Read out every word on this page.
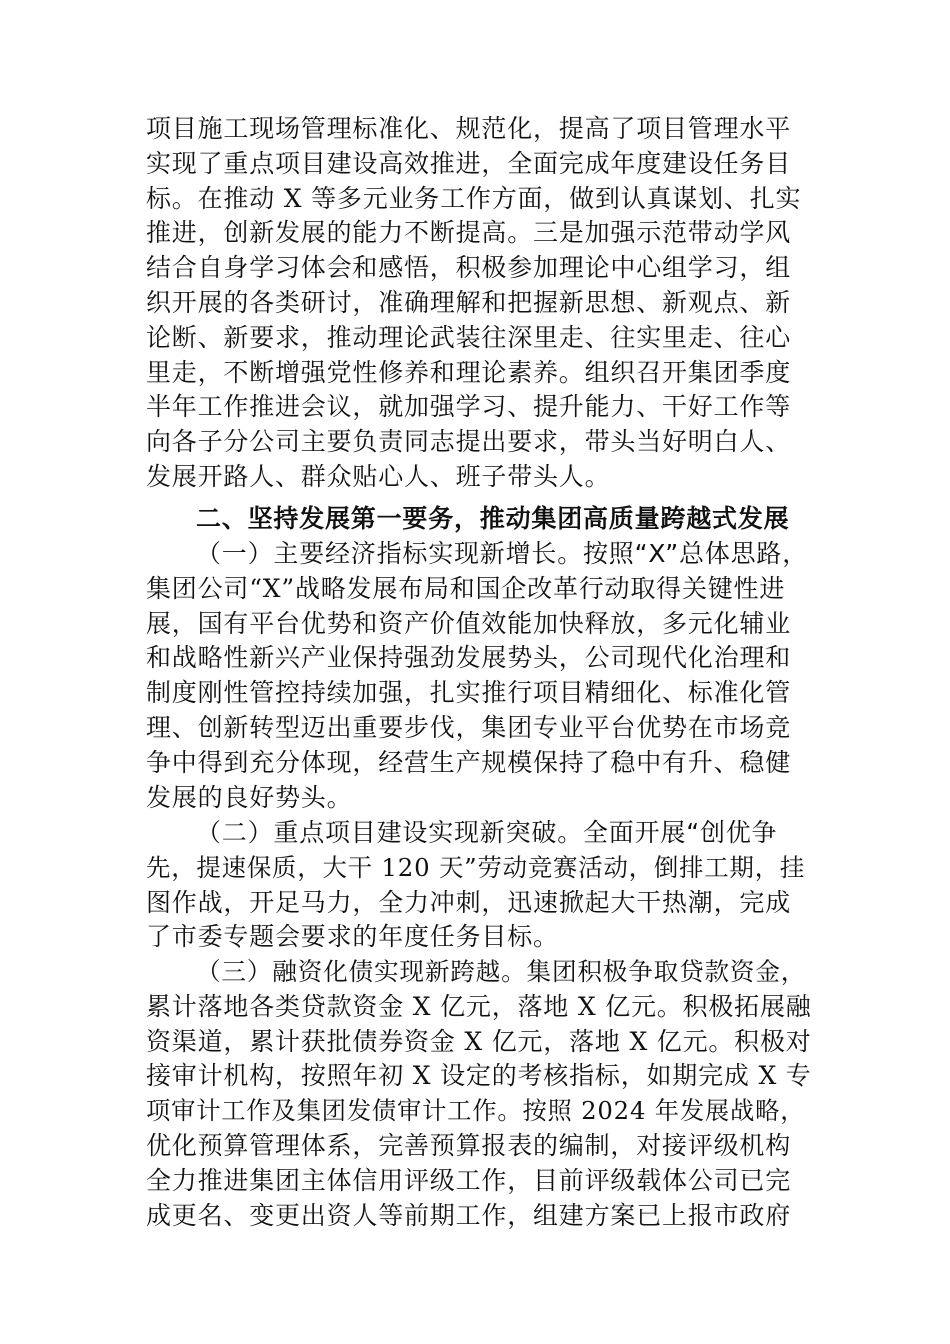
项目施工现场管理标准化、规范化，提高了项目管理水平
实现了重点项目建设高效推进，全面完成年度建设任务目
标。在推动 X 等多元业务工作方面，做到认真谋划、扎实
推进，创新发展的能力不断提高。三是加强示范带动学风
结合自身学习体会和感悟，积极参加理论中心组学习，组
织开展的各类研讨，准确理解和把握新思想、新观点、新
论断、新要求，推动理论武装往深里走、往实里走、往心
里走，不断增强党性修养和理论素养。组织召开集团季度
半年工作推进会议，就加强学习、提升能力、干好工作等
向各子分公司主要负责同志提出要求，带头当好明白人、
发展开路人、群众贴心人、班子带头人。
二、坚持发展第一要务，推动集团高质量跨越式发展
（一）主要经济指标实现新增长。按照“X”总体思路，
集团公司“X”战略发展布局和国企改革行动取得关键性进
展，国有平台优势和资产价值效能加快释放，多元化辅业
和战略性新兴产业保持强劲发展势头，公司现代化治理和
制度刚性管控持续加强，扎实推行项目精细化、标准化管
理、创新转型迈出重要步伐，集团专业平台优势在市场竞
争中得到充分体现，经营生产规模保持了稳中有升、稳健
发展的良好势头。
（二）重点项目建设实现新突破。全面开展“创优争
先，提速保质，大干 120 天”劳动竞赛活动，倒排工期，挂
图作战，开足马力，全力冲刺，迅速掀起大干热潮，完成
了市委专题会要求的年度任务目标。
（三）融资化债实现新跨越。集团积极争取贷款资金，
累计落地各类贷款资金 X 亿元，落地 X 亿元。积极拓展融
资渠道，累计获批债券资金 X 亿元，落地 X 亿元。积极对
接审计机构，按照年初 X 设定的考核指标，如期完成 X 专
项审计工作及集团发债审计工作。按照 2024 年发展战略，
优化预算管理体系，完善预算报表的编制，对接评级机构
全力推进集团主体信用评级工作，目前评级载体公司已完
成更名、变更出资人等前期工作，组建方案已上报市政府
